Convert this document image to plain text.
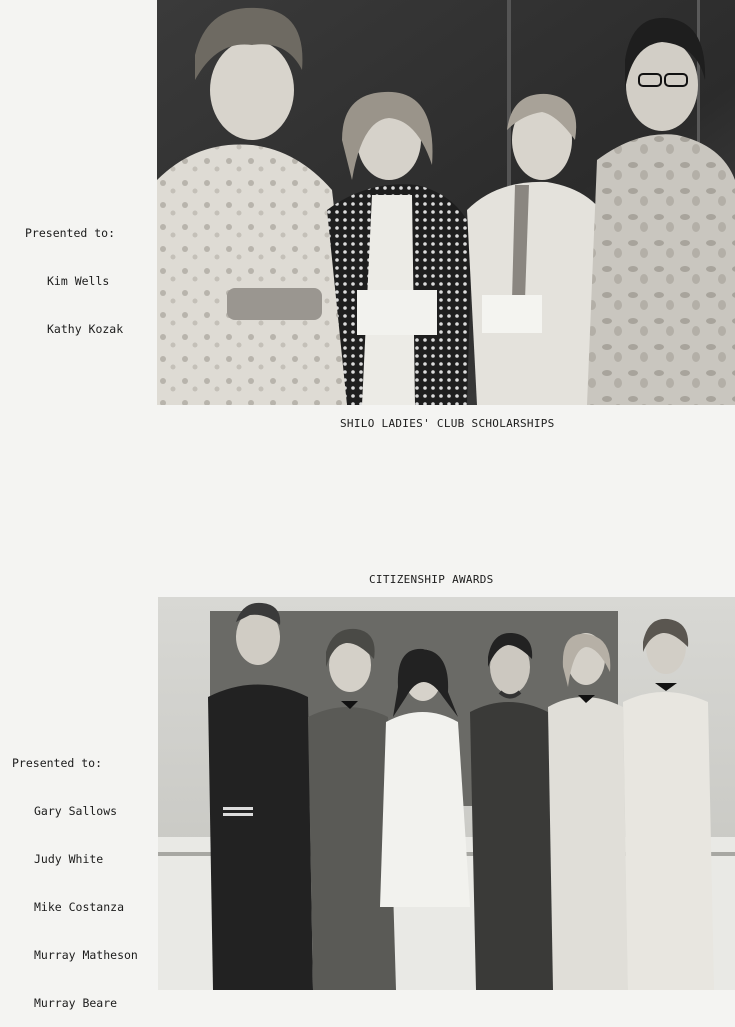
Presented to:

Kim Wells

Kathy Kozak

SHILO LADIES' CLUB SCHOLARSHIPS
CITIZENSHIP AWARDS

Presented to:

Gary Sallows

Judy White

Mike Costanza

Murray Matheson

Murray Beare
